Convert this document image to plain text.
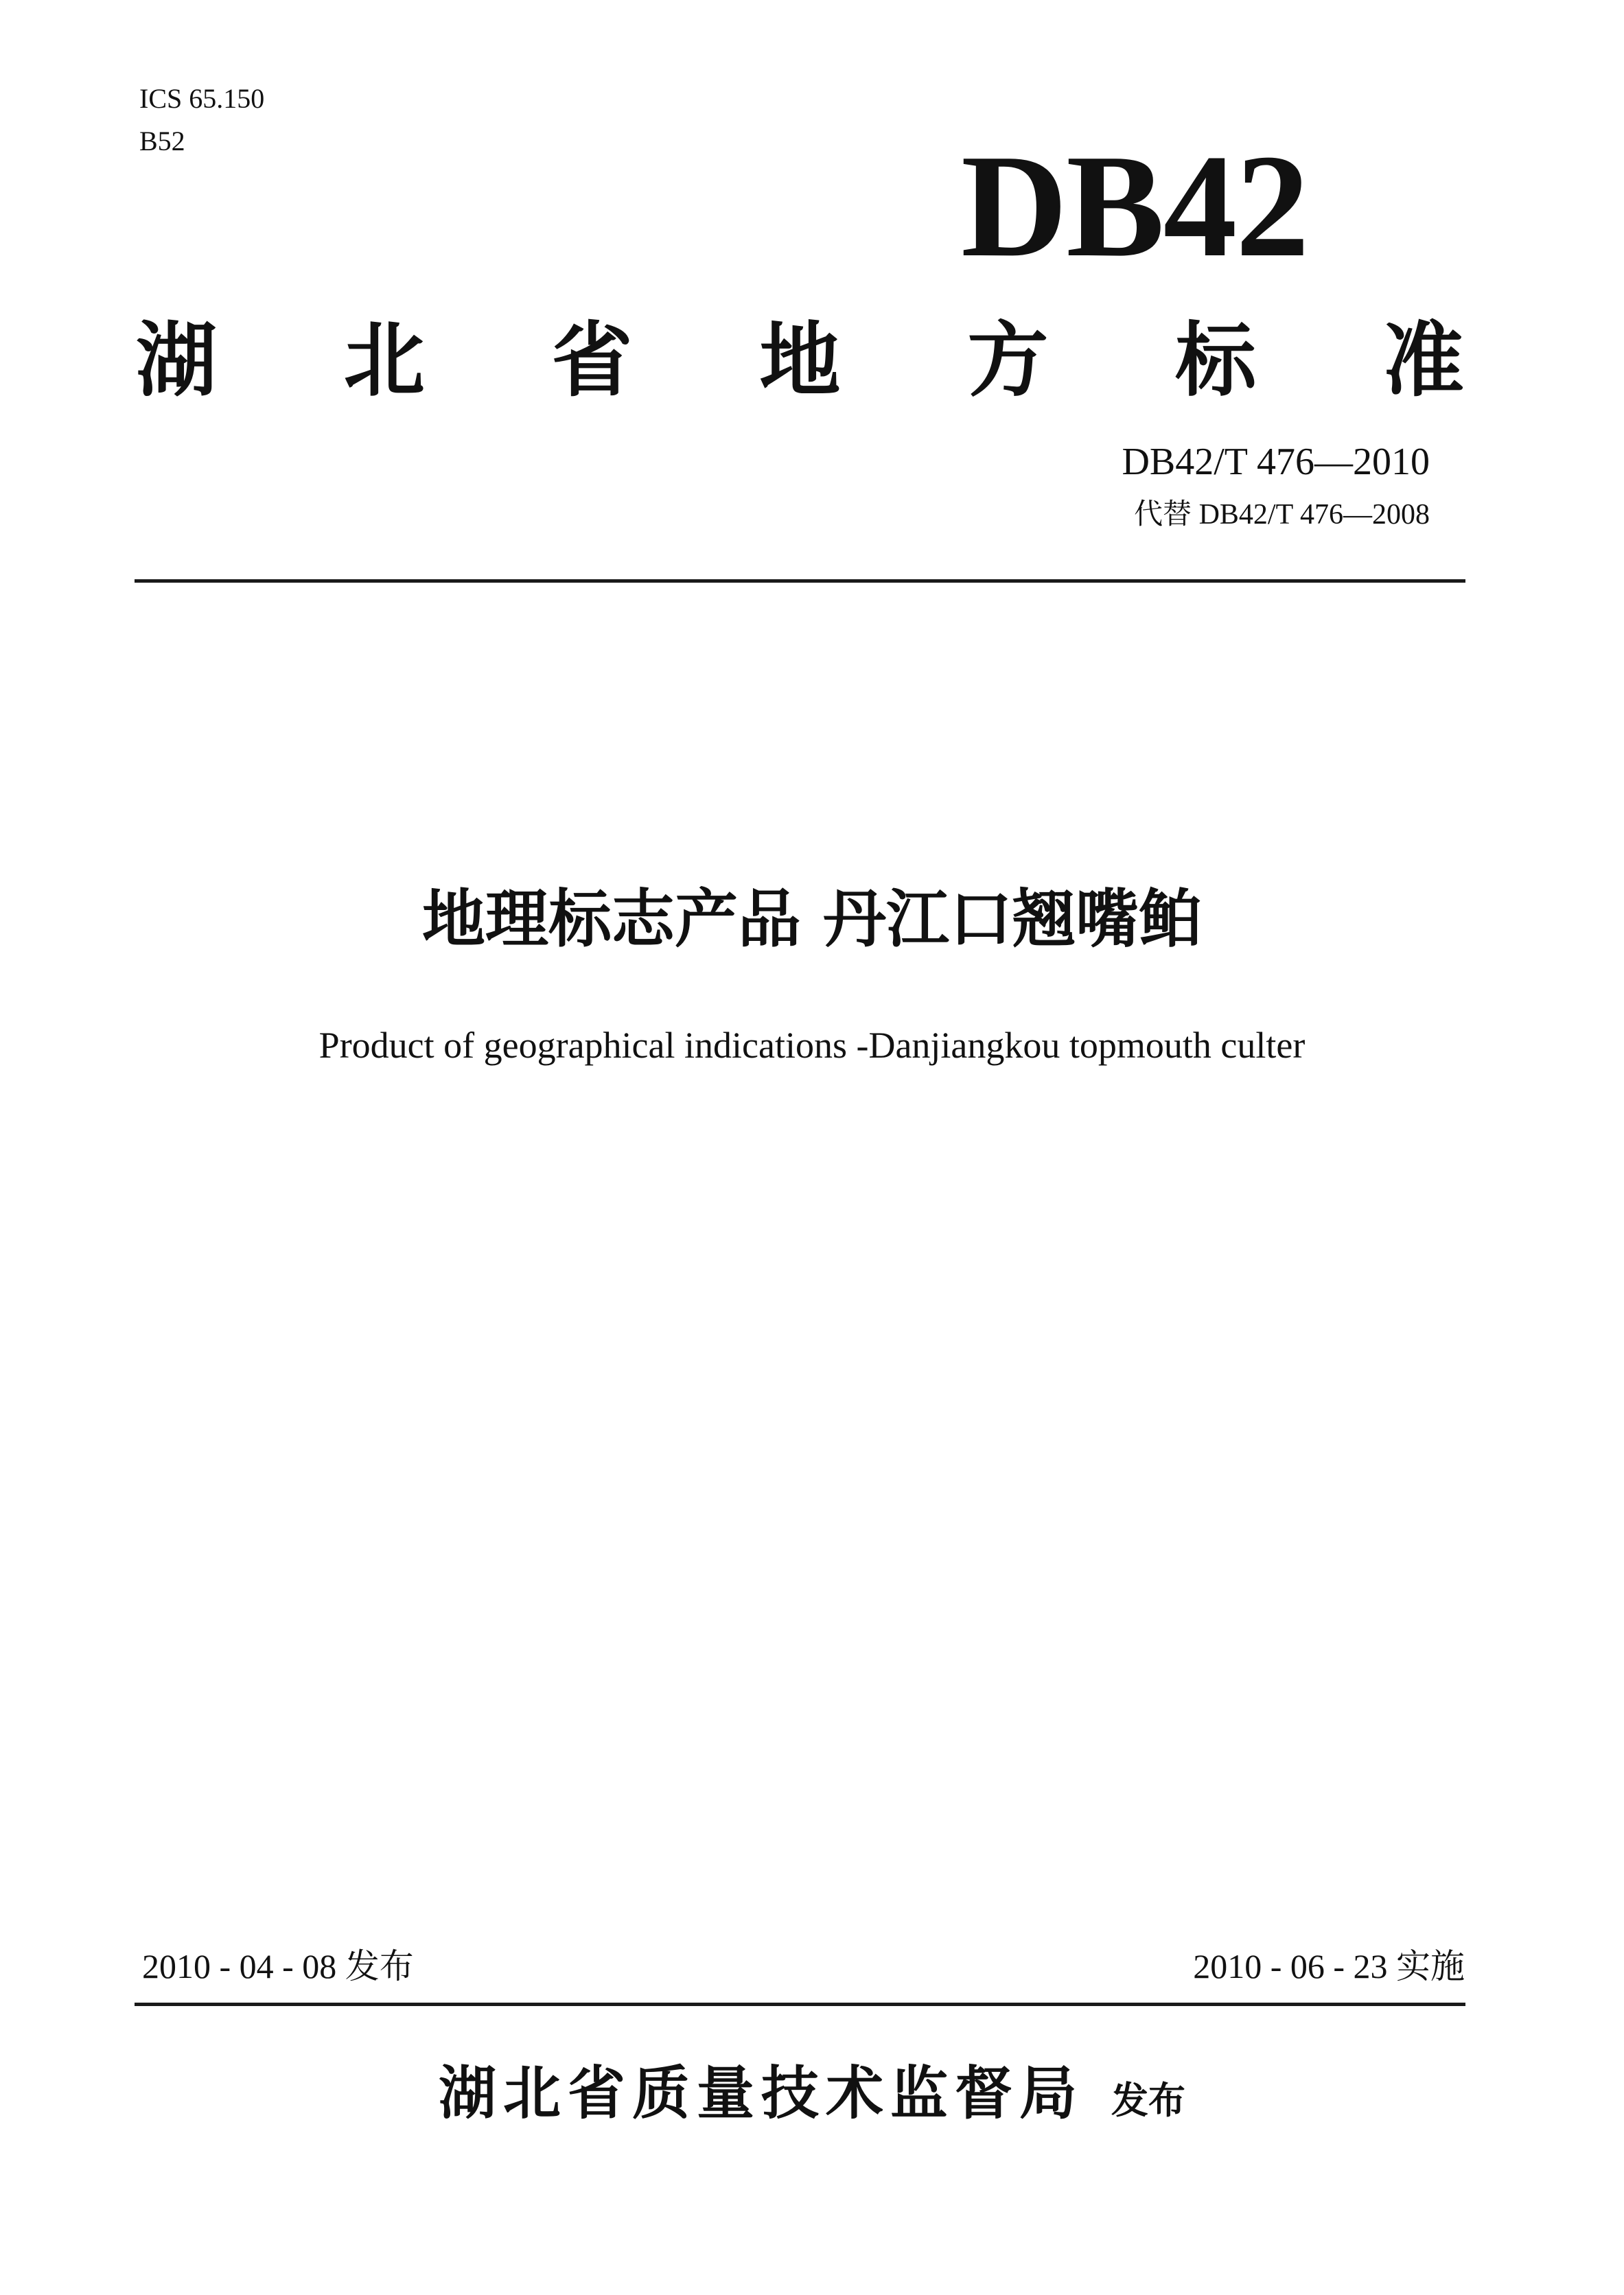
ICS 65.150
B52	DB42
湖 北 省 地 方 标 准
DB42/T 476—2010
代替 DB42/T 476—2008
地理标志产品 丹江口翘嘴鲌
Product of geographical indications -Danjiangkou topmouth culter
2010 - 04 - 08 发布	2010 - 06 - 23 实施
湖北省质量技术监督局 发布
